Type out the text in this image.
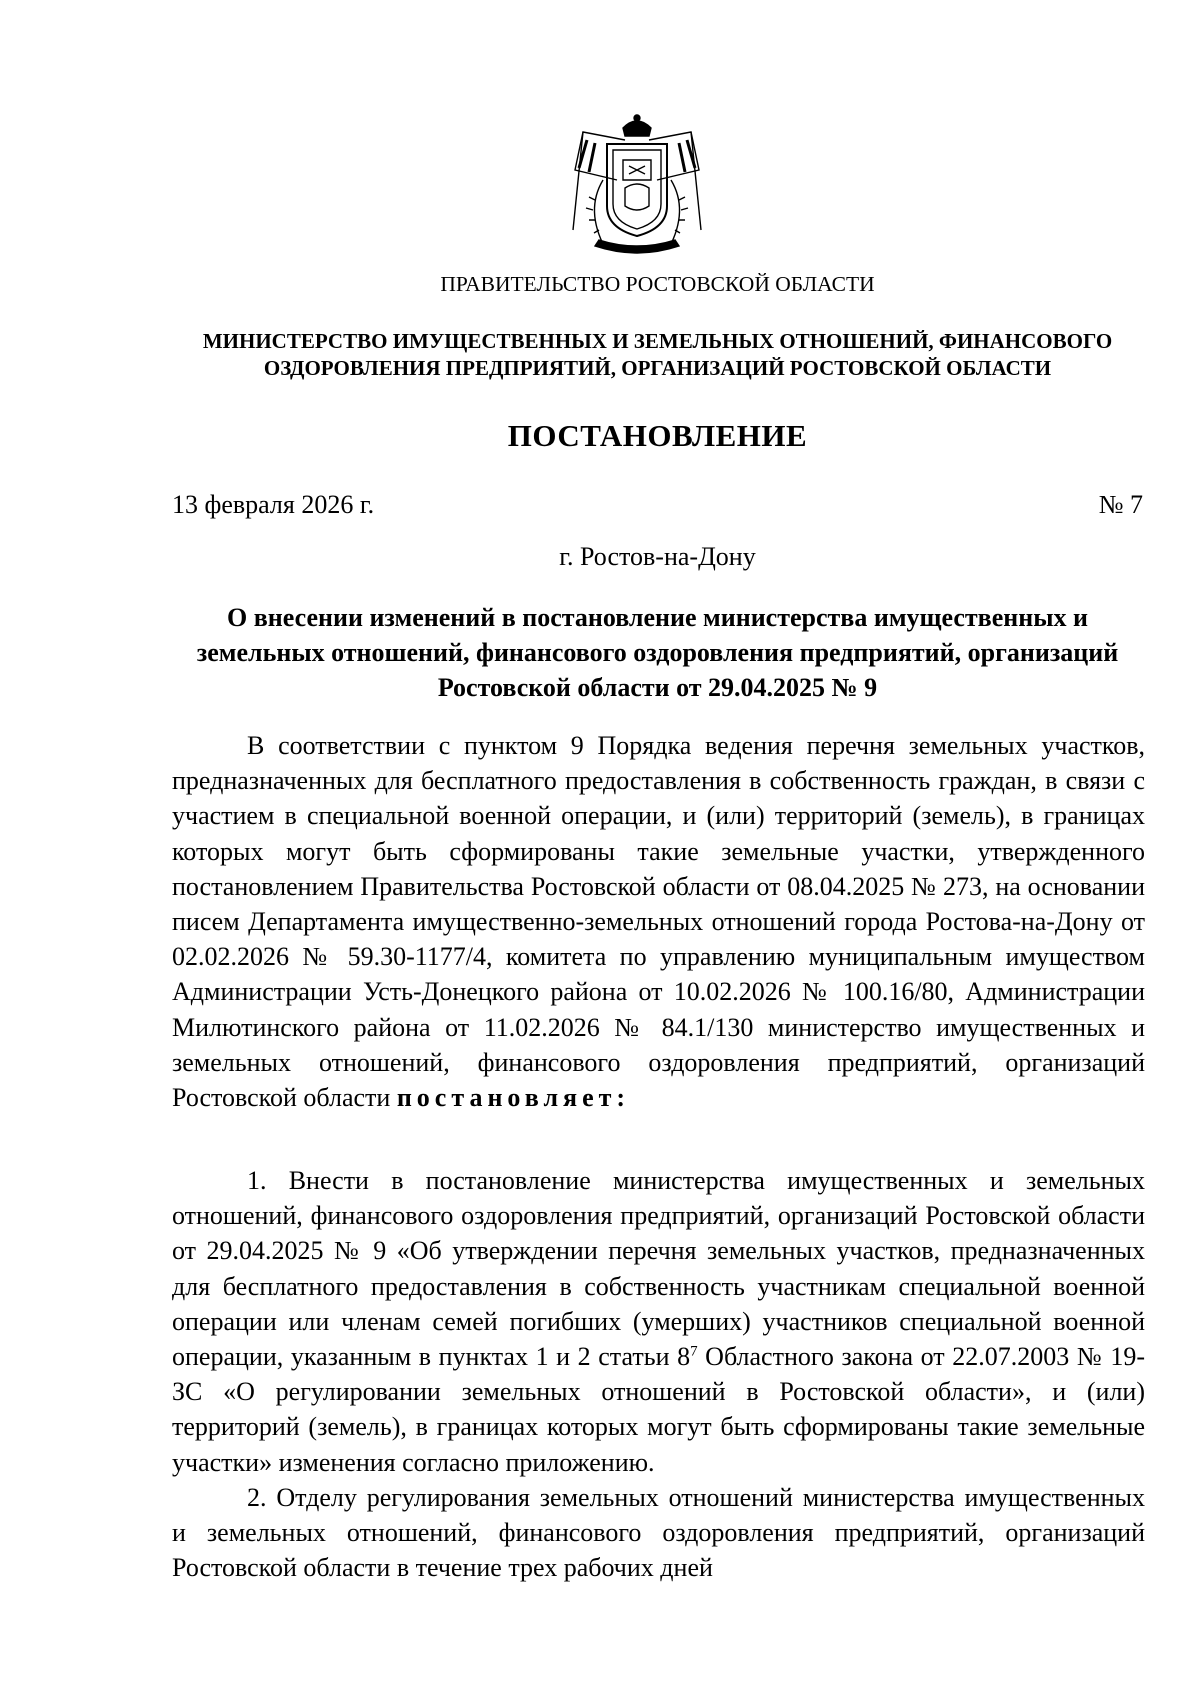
ПРАВИТЕЛЬСТВО РОСТОВСКОЙ ОБЛАСТИ
МИНИСТЕРСТВО ИМУЩЕСТВЕННЫХ И ЗЕМЕЛЬНЫХ ОТНОШЕНИЙ, ФИНАНСОВОГО ОЗДОРОВЛЕНИЯ ПРЕДПРИЯТИЙ, ОРГАНИЗАЦИЙ РОСТОВСКОЙ ОБЛАСТИ
ПОСТАНОВЛЕНИЕ
13 февраля 2026 г.	№ 7
г. Ростов-на-Дону
О внесении изменений в постановление министерства имущественных и земельных отношений, финансового оздоровления предприятий, организаций Ростовской области от 29.04.2025 № 9

В соответствии с пунктом 9 Порядка ведения перечня земельных участков, предназначенных для бесплатного предоставления в собственность граждан, в связи с участием в специальной военной операции, и (или) территорий (земель), в границах которых могут быть сформированы такие земельные участки, утвержденного постановлением Правительства Ростовской области от 08.04.2025 № 273, на основании писем Департамента имущественно-земельных отношений города Ростова-на-Дону от 02.02.2026 № 59.30-1177/4, комитета по управлению муниципальным имуществом Администрации Усть-Донецкого района от 10.02.2026 № 100.16/80, Администрации Милютинского района от 11.02.2026 № 84.1/130 министерство имущественных и земельных отношений, финансового оздоровления предприятий, организаций Ростовской области постановляет:

1. Внести в постановление министерства имущественных и земельных отношений, финансового оздоровления предприятий, организаций Ростовской области от 29.04.2025 № 9 «Об утверждении перечня земельных участков, предназначенных для бесплатного предоставления в собственность участникам специальной военной операции или членам семей погибших (умерших) участников специальной военной операции, указанным в пунктах 1 и 2 статьи $8^7$ Областного закона от 22.07.2003 № 19-ЗС «О регулировании земельных отношений в Ростовской области», и (или) территорий (земель), в границах которых могут быть сформированы такие земельные участки» изменения согласно приложению.

2. Отделу регулирования земельных отношений министерства имущественных и земельных отношений, финансового оздоровления предприятий, организаций Ростовской области в течение трех рабочих дней
